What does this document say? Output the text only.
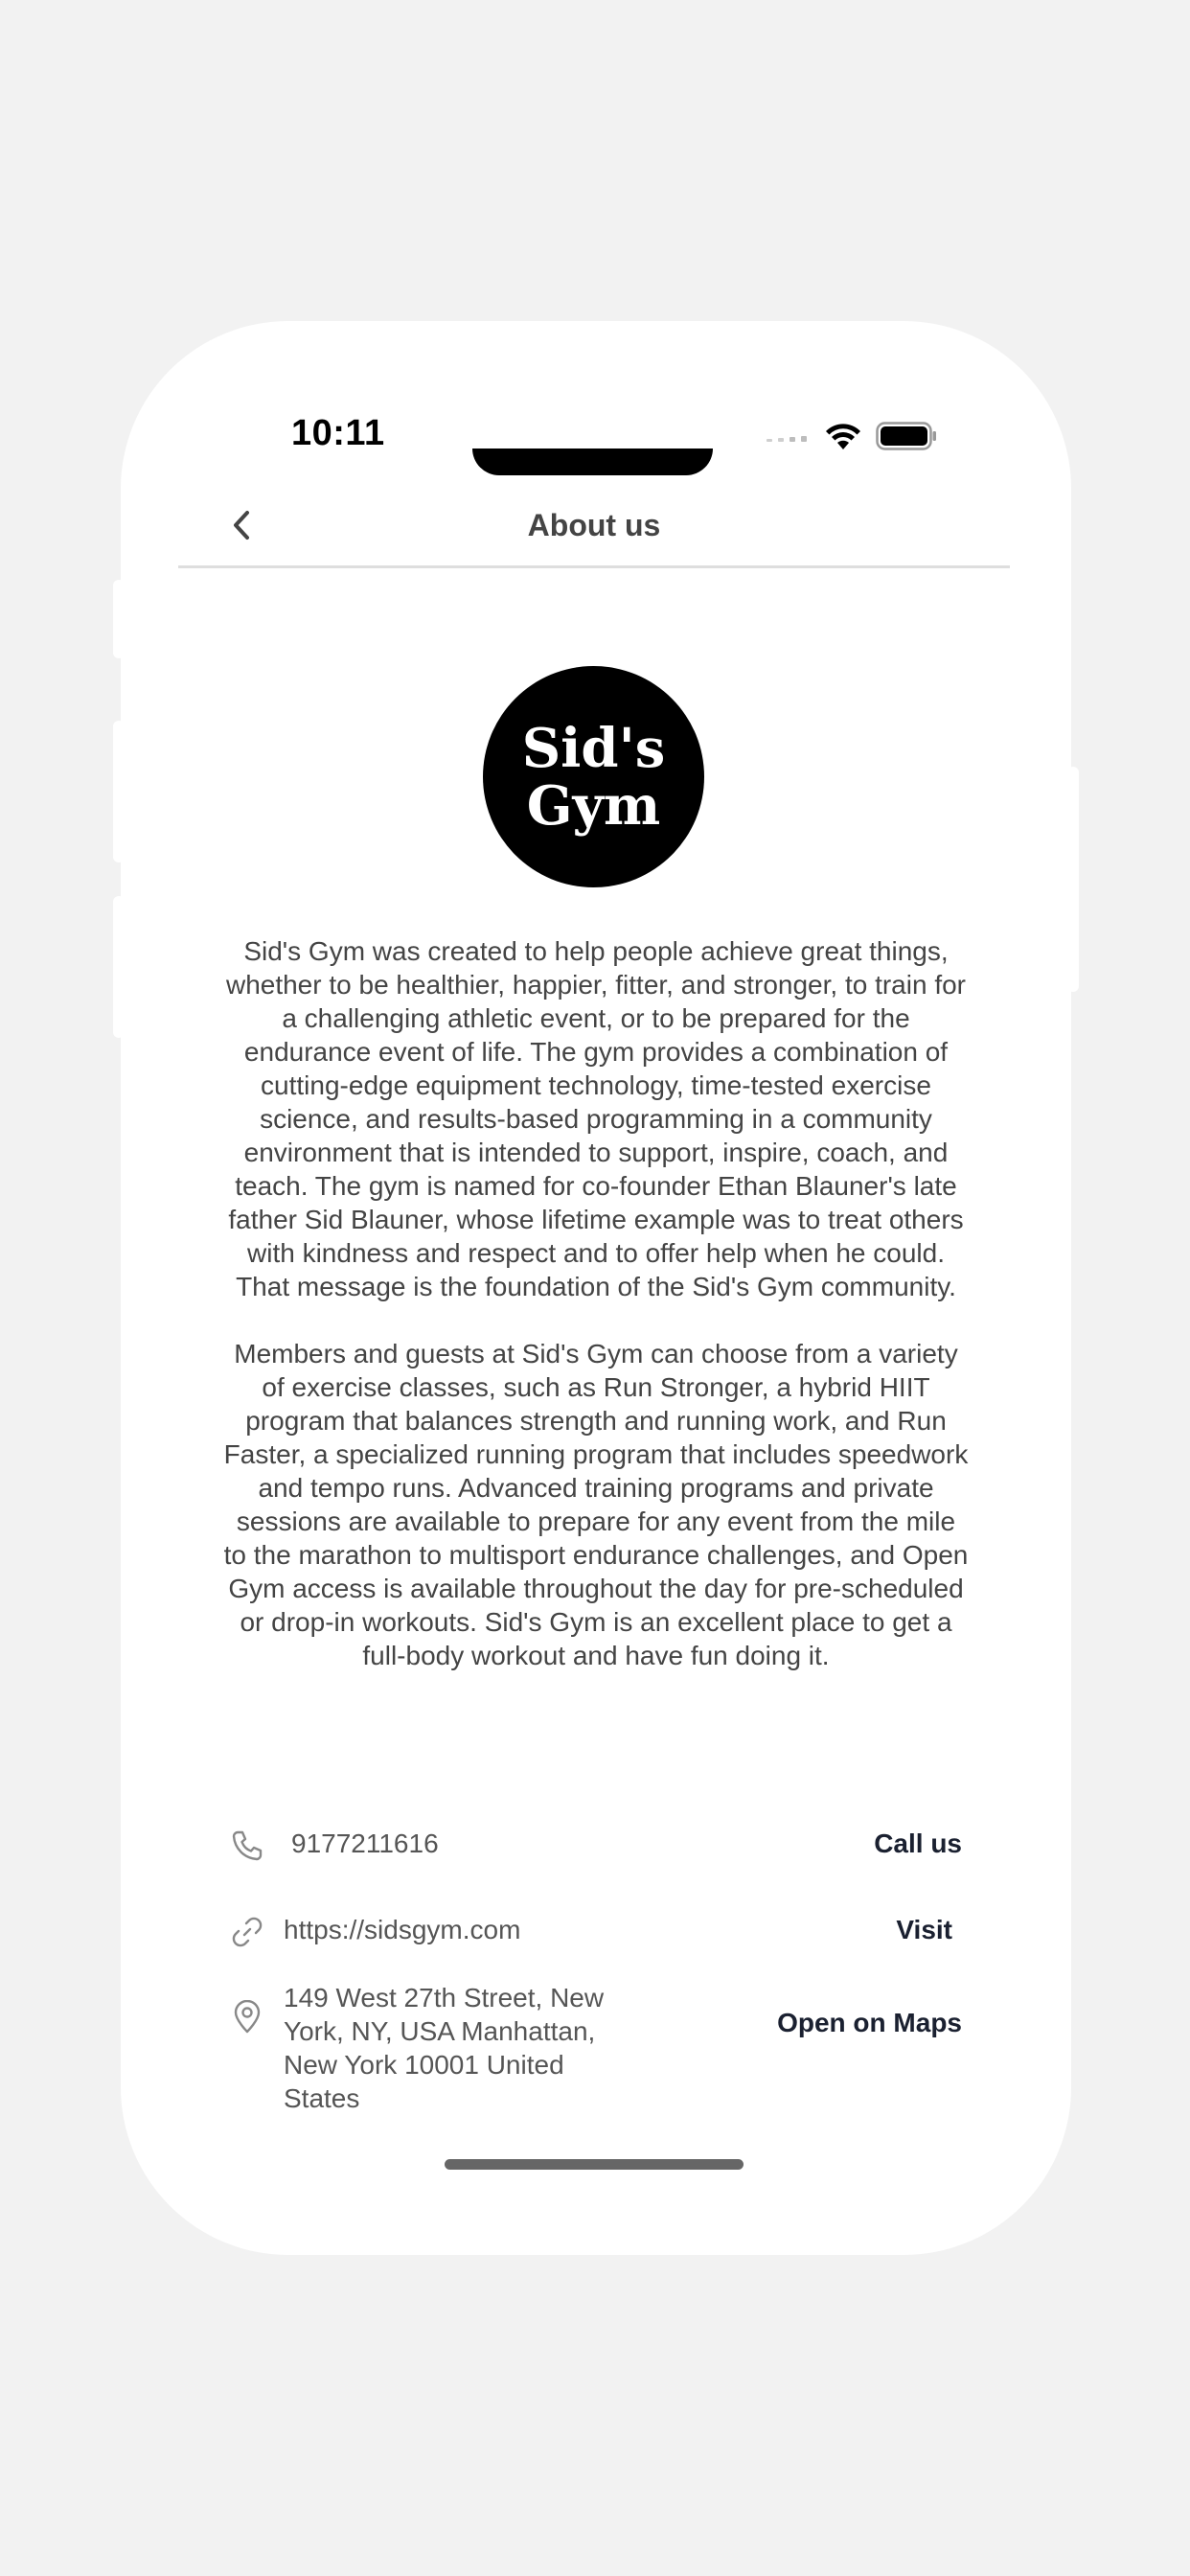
10:11
About us
Sid's
Gym

Sid's Gym was created to help people achieve great things, whether to be healthier, happier, fitter, and stronger, to train for a challenging athletic event, or to be prepared for the endurance event of life. The gym provides a combination of cutting-edge equipment technology, time-tested exercise science, and results-based programming in a community environment that is intended to support, inspire, coach, and teach. The gym is named for co-founder Ethan Blauner's late father Sid Blauner, whose lifetime example was to treat others with kindness and respect and to offer help when he could. That message is the foundation of the Sid's Gym community.

Members and guests at Sid's Gym can choose from a variety of exercise classes, such as Run Stronger, a hybrid HIIT program that balances strength and running work, and Run Faster, a specialized running program that includes speedwork and tempo runs. Advanced training programs and private sessions are available to prepare for any event from the mile to the marathon to multisport endurance challenges, and Open Gym access is available throughout the day for pre-scheduled or drop-in workouts. Sid's Gym is an excellent place to get a full-body workout and have fun doing it.

9177211616	Call us
https://sidsgym.com	Visit
149 West 27th Street, New York, NY, USA Manhattan, New York 10001 United States
Open on Maps
